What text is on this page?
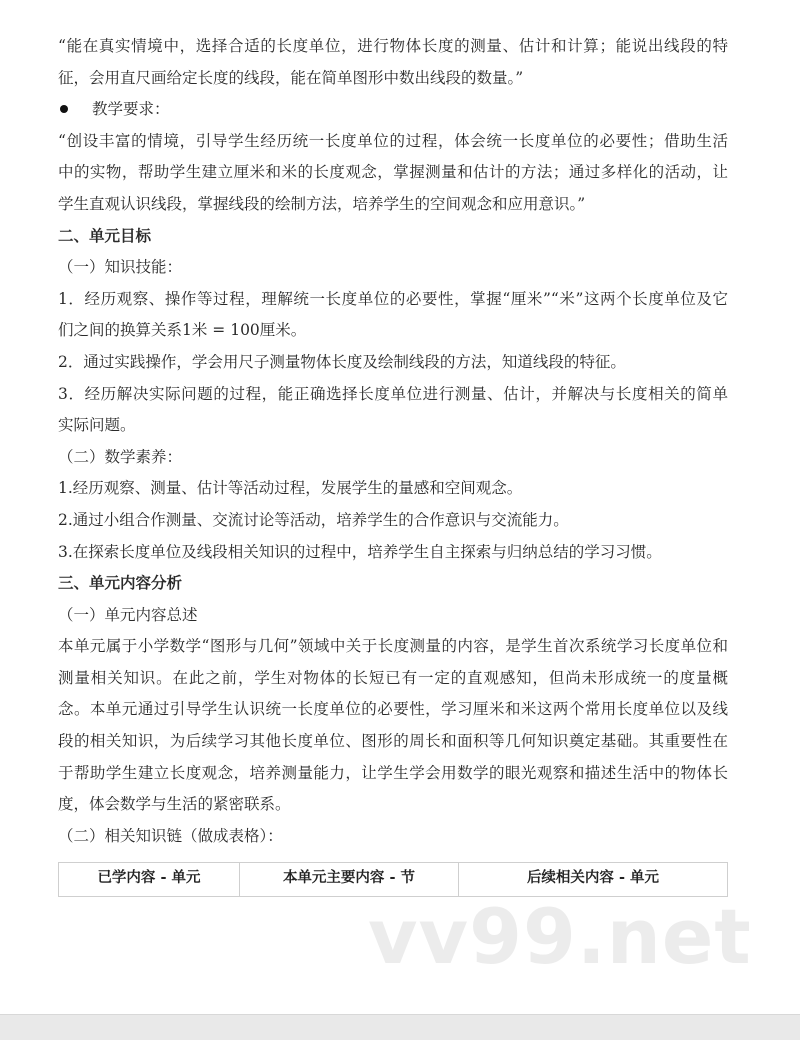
“能在真实情境中，选择合适的长度单位，进行物体长度的测量、估计和计算；能说出线段的特
征，会用直尺画给定长度的线段，能在简单图形中数出线段的数量。”
教学要求：
“创设丰富的情境，引导学生经历统一长度单位的过程，体会统一长度单位的必要性；借助生活
中的实物，帮助学生建立厘米和米的长度观念，掌握测量和估计的方法；通过多样化的活动，让
学生直观认识线段，掌握线段的绘制方法，培养学生的空间观念和应用意识。”
二、单元目标
（一）知识技能：
1．经历观察、操作等过程，理解统一长度单位的必要性，掌握“厘米”“米”这两个长度单位及它
们之间的换算关系1米 = 100厘米。
2．通过实践操作，学会用尺子测量物体长度及绘制线段的方法，知道线段的特征。
3．经历解决实际问题的过程，能正确选择长度单位进行测量、估计，并解决与长度相关的简单
实际问题。
（二）数学素养：
1.经历观察、测量、估计等活动过程，发展学生的量感和空间观念。
2.通过小组合作测量、交流讨论等活动，培养学生的合作意识与交流能力。
3.在探索长度单位及线段相关知识的过程中，培养学生自主探索与归纳总结的学习习惯。
三、单元内容分析
（一）单元内容总述
本单元属于小学数学“图形与几何”领域中关于长度测量的内容，是学生首次系统学习长度单位和
测量相关知识。在此之前，学生对物体的长短已有一定的直观感知，但尚未形成统一的度量概
念。本单元通过引导学生认识统一长度单位的必要性，学习厘米和米这两个常用长度单位以及线
段的相关知识，为后续学习其他长度单位、图形的周长和面积等几何知识奠定基础。其重要性在
于帮助学生建立长度观念，培养测量能力，让学生学会用数学的眼光观察和描述生活中的物体长
度，体会数学与生活的紧密联系。
（二）相关知识链（做成表格）：
已学内容 - 单元	本单元主要内容 - 节	后续相关内容 - 单元
vv99.net
